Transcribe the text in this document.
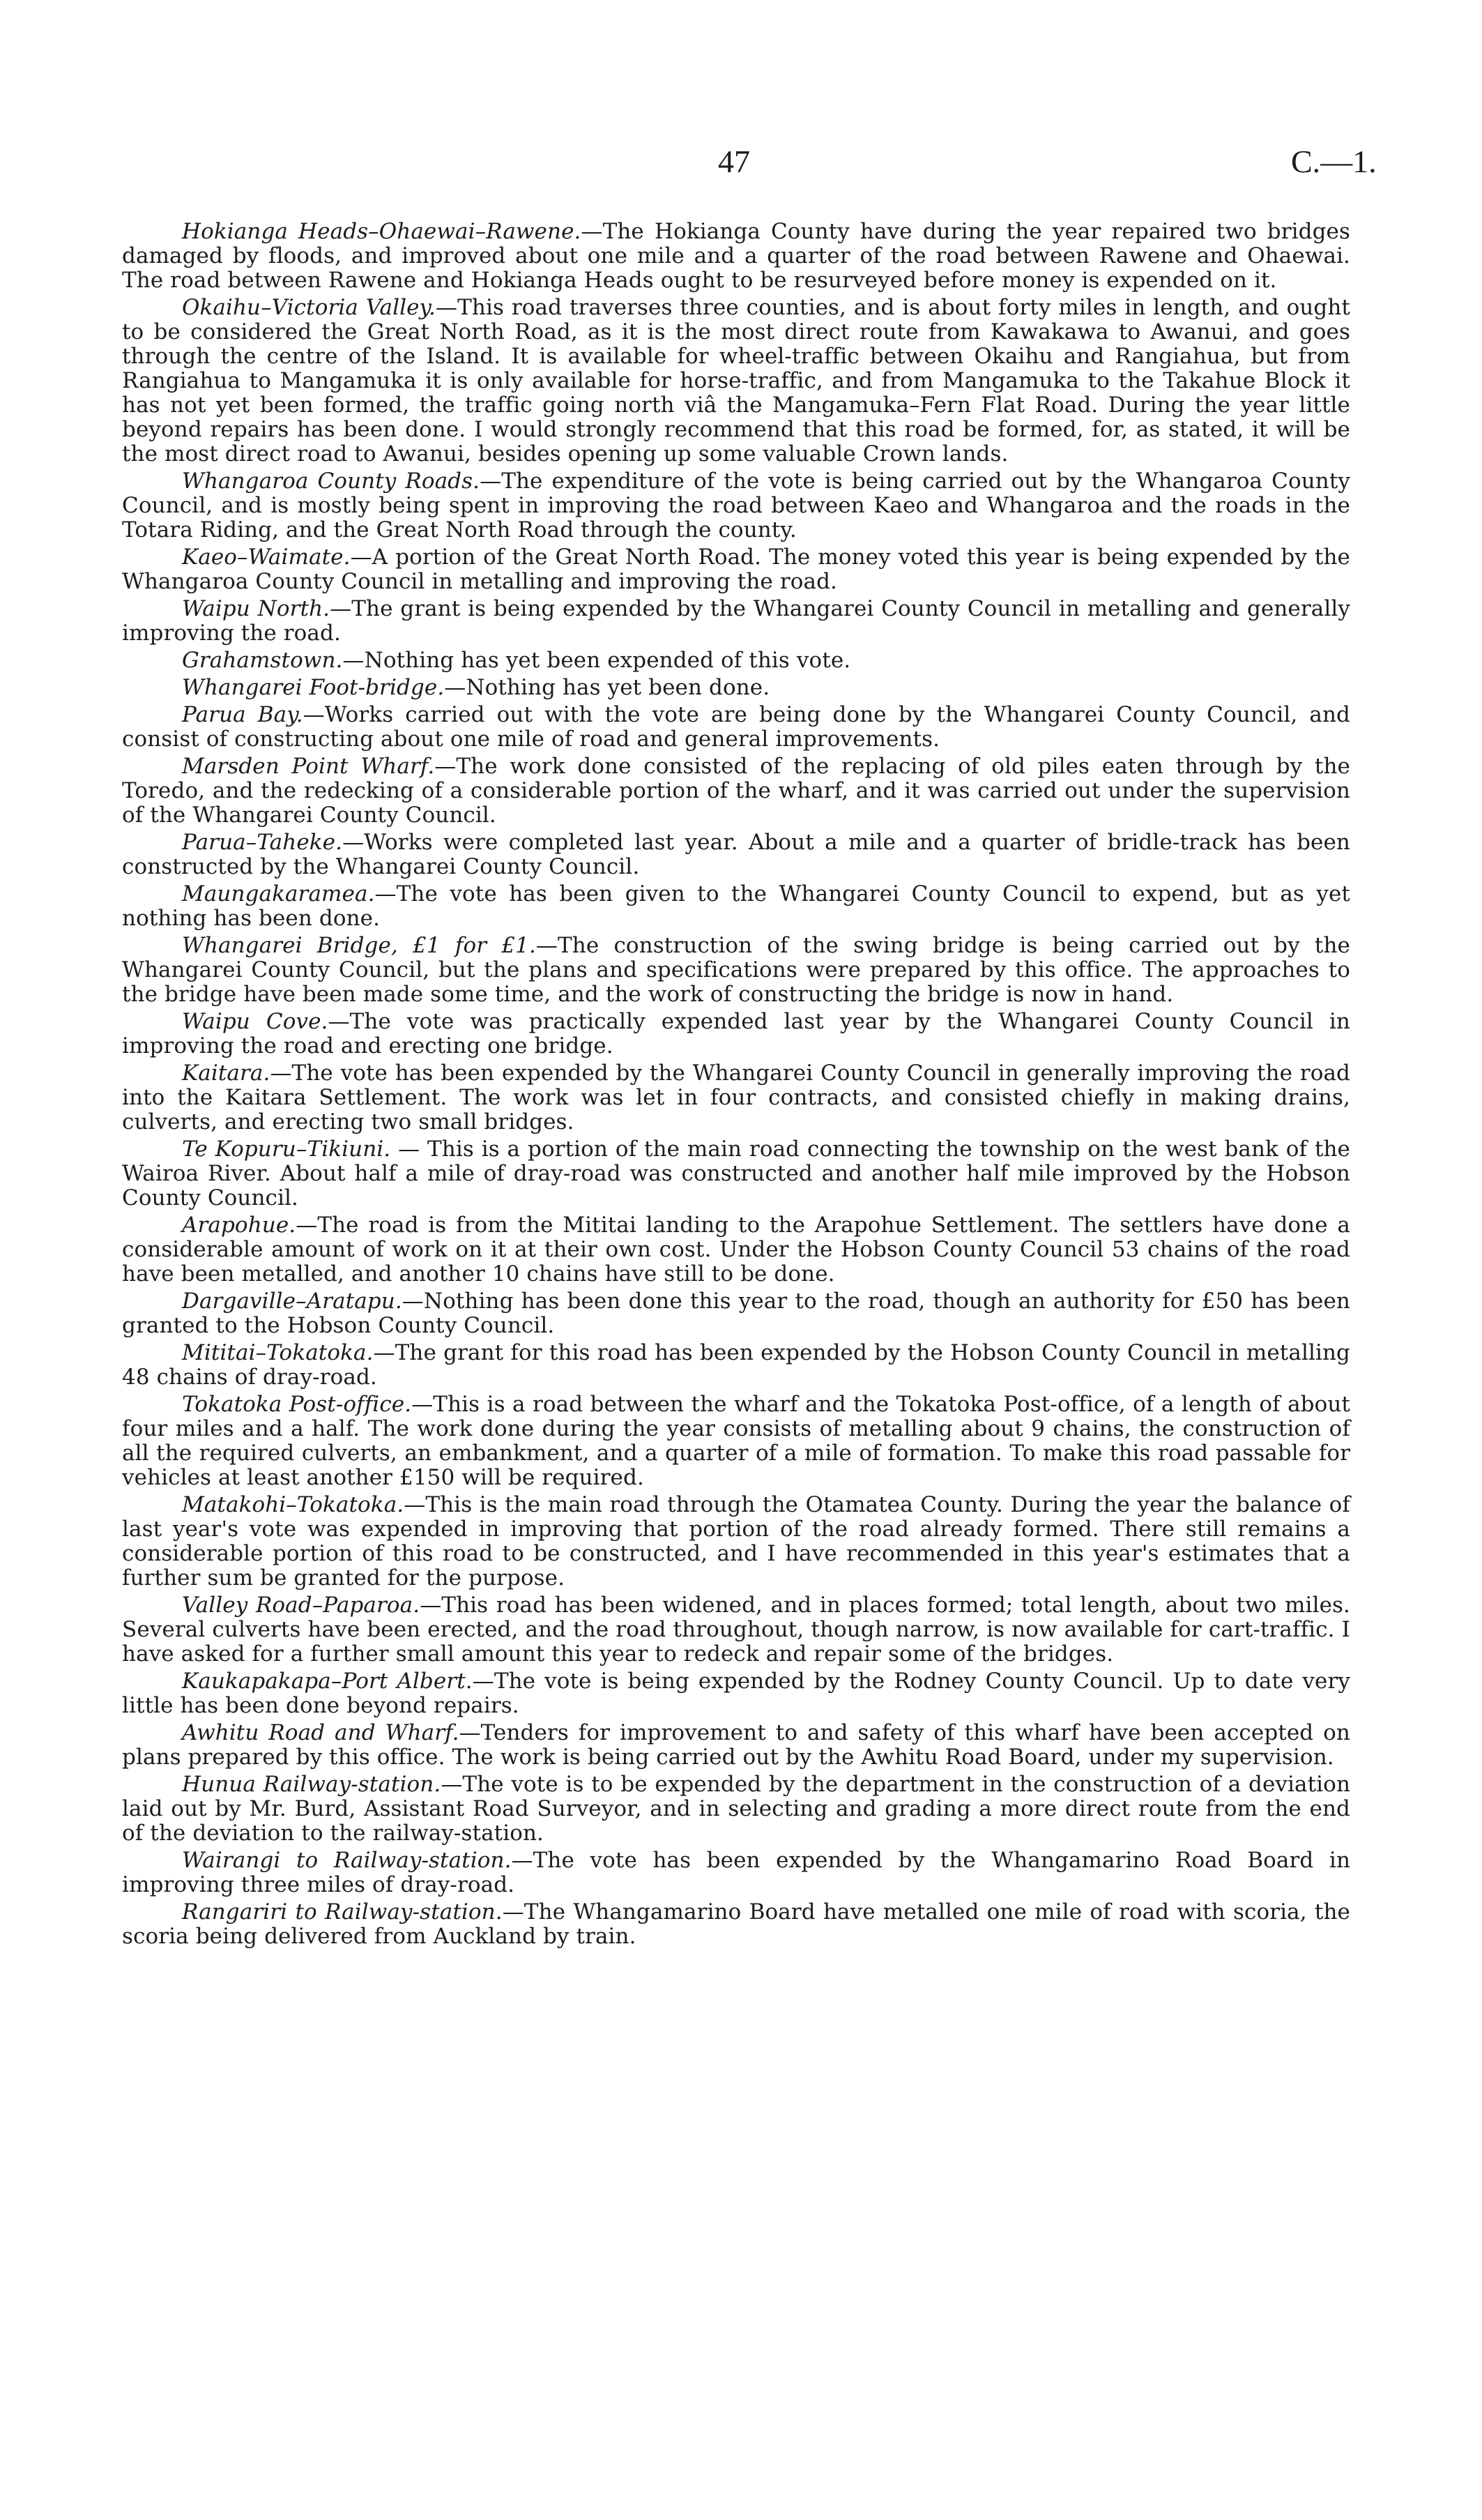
47	C.—1.

Hokianga Heads–Ohaewai–Rawene.—The Hokianga County have during the year repaired two bridges damaged by floods, and improved about one mile and a quarter of the road between Rawene and Ohaewai. The road between Rawene and Hokianga Heads ought to be resurveyed before money is expended on it.

Okaihu–Victoria Valley.—This road traverses three counties, and is about forty miles in length, and ought to be considered the Great North Road, as it is the most direct route from Kawakawa to Awanui, and goes through the centre of the Island. It is available for wheel-traffic between Okaihu and Rangiahua, but from Rangiahua to Mangamuka it is only available for horse-traffic, and from Mangamuka to the Takahue Block it has not yet been formed, the traffic going north viâ the Mangamuka–Fern Flat Road. During the year little beyond repairs has been done. I would strongly recommend that this road be formed, for, as stated, it will be the most direct road to Awanui, besides opening up some valuable Crown lands.

Whangaroa County Roads.—The expenditure of the vote is being carried out by the Whangaroa County Council, and is mostly being spent in improving the road between Kaeo and Whangaroa and the roads in the Totara Riding, and the Great North Road through the county.

Kaeo–Waimate.—A portion of the Great North Road. The money voted this year is being expended by the Whangaroa County Council in metalling and improving the road.

Waipu North.—The grant is being expended by the Whangarei County Council in metalling and generally improving the road.

Grahamstown.—Nothing has yet been expended of this vote.

Whangarei Foot-bridge.—Nothing has yet been done.

Parua Bay.—Works carried out with the vote are being done by the Whangarei County Council, and consist of constructing about one mile of road and general improvements.

Marsden Point Wharf.—The work done consisted of the replacing of old piles eaten through by the Toredo, and the redecking of a considerable portion of the wharf, and it was carried out under the supervision of the Whangarei County Council.

Parua–Taheke.—Works were completed last year. About a mile and a quarter of bridle-track has been constructed by the Whangarei County Council.

Maungakaramea.—The vote has been given to the Whangarei County Council to expend, but as yet nothing has been done.

Whangarei Bridge, £1 for £1.—The construction of the swing bridge is being carried out by the Whangarei County Council, but the plans and specifications were prepared by this office. The approaches to the bridge have been made some time, and the work of constructing the bridge is now in hand.

Waipu Cove.—The vote was practically expended last year by the Whangarei County Council in improving the road and erecting one bridge.

Kaitara.—The vote has been expended by the Whangarei County Council in generally improving the road into the Kaitara Settlement. The work was let in four contracts, and consisted chiefly in making drains, culverts, and erecting two small bridges.

Te Kopuru–Tikiuni. — This is a portion of the main road connecting the township on the west bank of the Wairoa River. About half a mile of dray-road was constructed and another half mile improved by the Hobson County Council.

Arapohue.—The road is from the Mititai landing to the Arapohue Settlement. The settlers have done a considerable amount of work on it at their own cost. Under the Hobson County Council 53 chains of the road have been metalled, and another 10 chains have still to be done.

Dargaville–Aratapu.—Nothing has been done this year to the road, though an authority for £50 has been granted to the Hobson County Council.

Mititai–Tokatoka.—The grant for this road has been expended by the Hobson County Council in metalling 48 chains of dray-road.

Tokatoka Post-office.—This is a road between the wharf and the Tokatoka Post-office, of a length of about four miles and a half. The work done during the year consists of metalling about 9 chains, the construction of all the required culverts, an embankment, and a quarter of a mile of formation. To make this road passable for vehicles at least another £150 will be required.

Matakohi–Tokatoka.—This is the main road through the Otamatea County. During the year the balance of last year's vote was expended in improving that portion of the road already formed. There still remains a considerable portion of this road to be constructed, and I have recommended in this year's estimates that a further sum be granted for the purpose.

Valley Road–Paparoa.—This road has been widened, and in places formed; total length, about two miles. Several culverts have been erected, and the road throughout, though narrow, is now available for cart-traffic. I have asked for a further small amount this year to redeck and repair some of the bridges.

Kaukapakapa–Port Albert.—The vote is being expended by the Rodney County Council. Up to date very little has been done beyond repairs.

Awhitu Road and Wharf.—Tenders for improvement to and safety of this wharf have been accepted on plans prepared by this office. The work is being carried out by the Awhitu Road Board, under my supervision.

Hunua Railway-station.—The vote is to be expended by the department in the construction of a deviation laid out by Mr. Burd, Assistant Road Surveyor, and in selecting and grading a more direct route from the end of the deviation to the railway-station.

Wairangi to Railway-station.—The vote has been expended by the Whangamarino Road Board in improving three miles of dray-road.

Rangariri to Railway-station.—The Whangamarino Board have metalled one mile of road with scoria, the scoria being delivered from Auckland by train.
